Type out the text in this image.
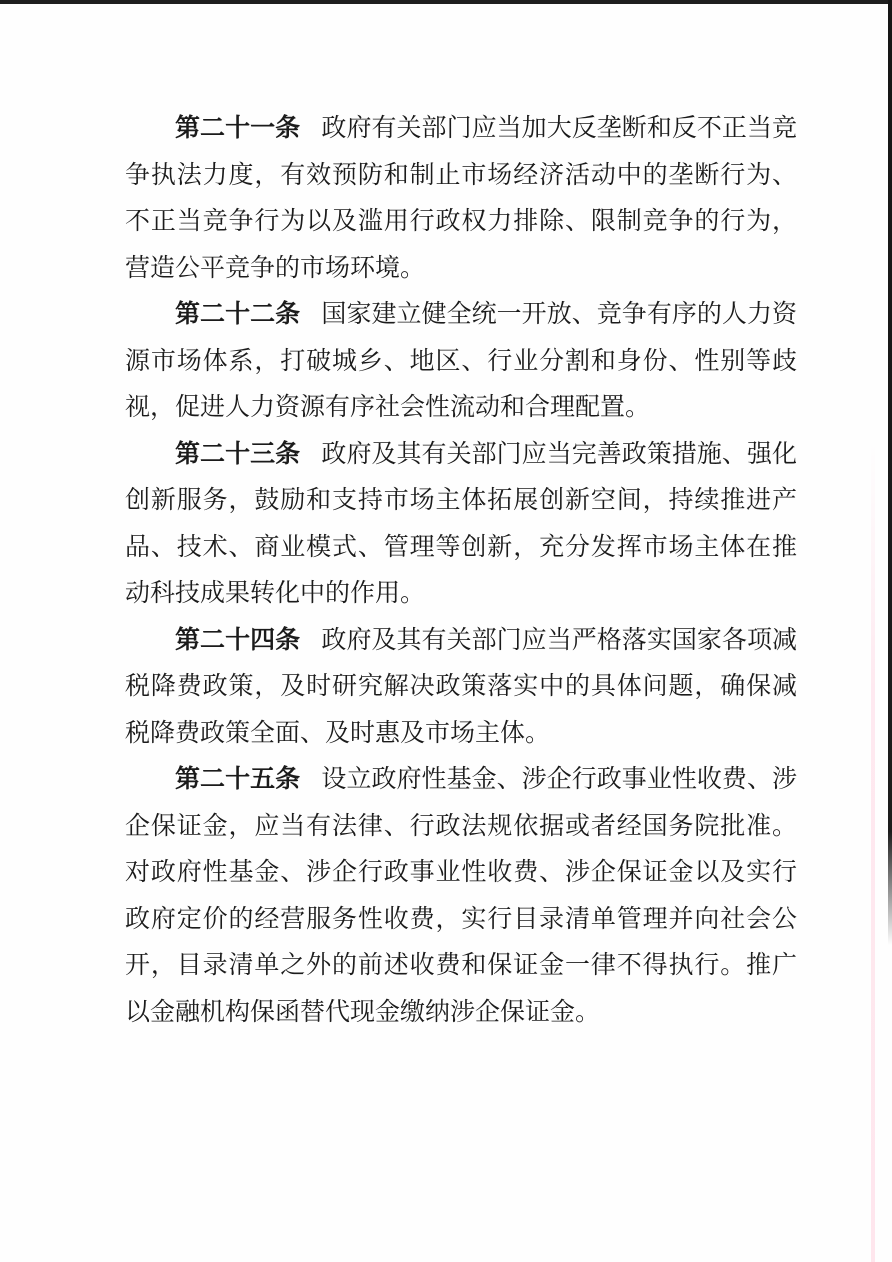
第二十一条 政府有关部门应当加大反垄断和反不正当竞争执法力度，有效预防和制止市场经济活动中的垄断行为、不正当竞争行为以及滥用行政权力排除、限制竞争的行为，营造公平竞争的市场环境。

第二十二条 国家建立健全统一开放、竞争有序的人力资源市场体系，打破城乡、地区、行业分割和身份、性别等歧视，促进人力资源有序社会性流动和合理配置。

第二十三条 政府及其有关部门应当完善政策措施、强化创新服务，鼓励和支持市场主体拓展创新空间，持续推进产品、技术、商业模式、管理等创新，充分发挥市场主体在推动科技成果转化中的作用。

第二十四条 政府及其有关部门应当严格落实国家各项减税降费政策，及时研究解决政策落实中的具体问题，确保减税降费政策全面、及时惠及市场主体。

第二十五条 设立政府性基金、涉企行政事业性收费、涉企保证金，应当有法律、行政法规依据或者经国务院批准。对政府性基金、涉企行政事业性收费、涉企保证金以及实行政府定价的经营服务性收费，实行目录清单管理并向社会公开，目录清单之外的前述收费和保证金一律不得执行。推广以金融机构保函替代现金缴纳涉企保证金。
